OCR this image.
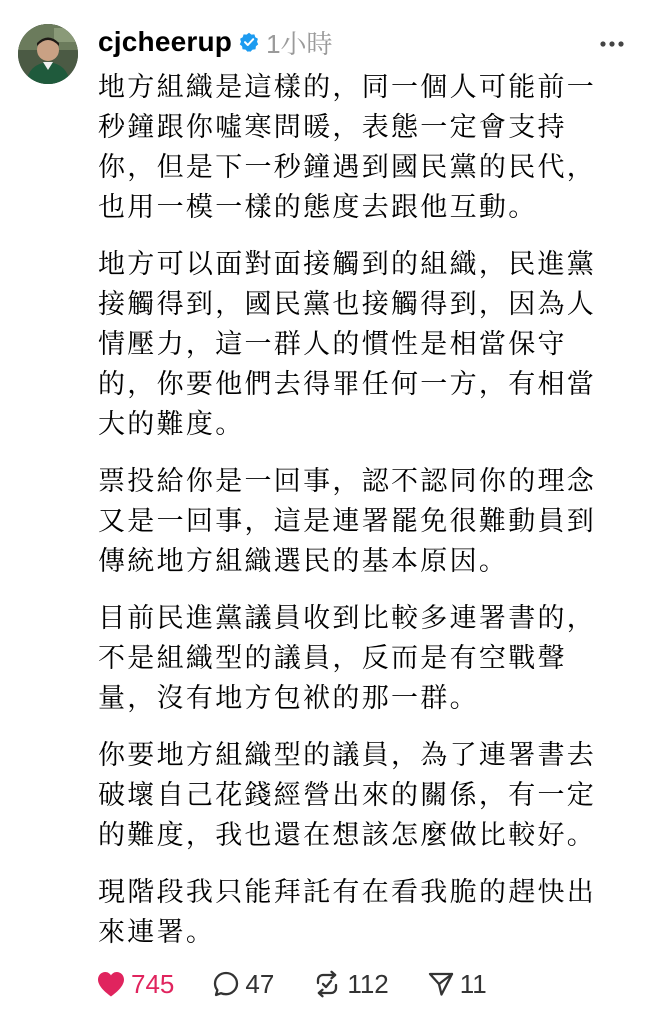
cjcheerup 1小時

地方組織是這樣的，同一個人可能前一
秒鐘跟你噓寒問暖，表態一定會支持
你，但是下一秒鐘遇到國民黨的民代，
也用一模一樣的態度去跟他互動。

地方可以面對面接觸到的組織，民進黨
接觸得到，國民黨也接觸得到，因為人
情壓力，這一群人的慣性是相當保守
的，你要他們去得罪任何一方，有相當
大的難度。

票投給你是一回事，認不認同你的理念
又是一回事，這是連署罷免很難動員到
傳統地方組織選民的基本原因。

目前民進黨議員收到比較多連署書的，
不是組織型的議員，反而是有空戰聲
量，沒有地方包袱的那一群。

你要地方組織型的議員，為了連署書去
破壞自己花錢經營出來的關係，有一定
的難度，我也還在想該怎麼做比較好。

現階段我只能拜託有在看我脆的趕快出
來連署。

745	47	112	11
